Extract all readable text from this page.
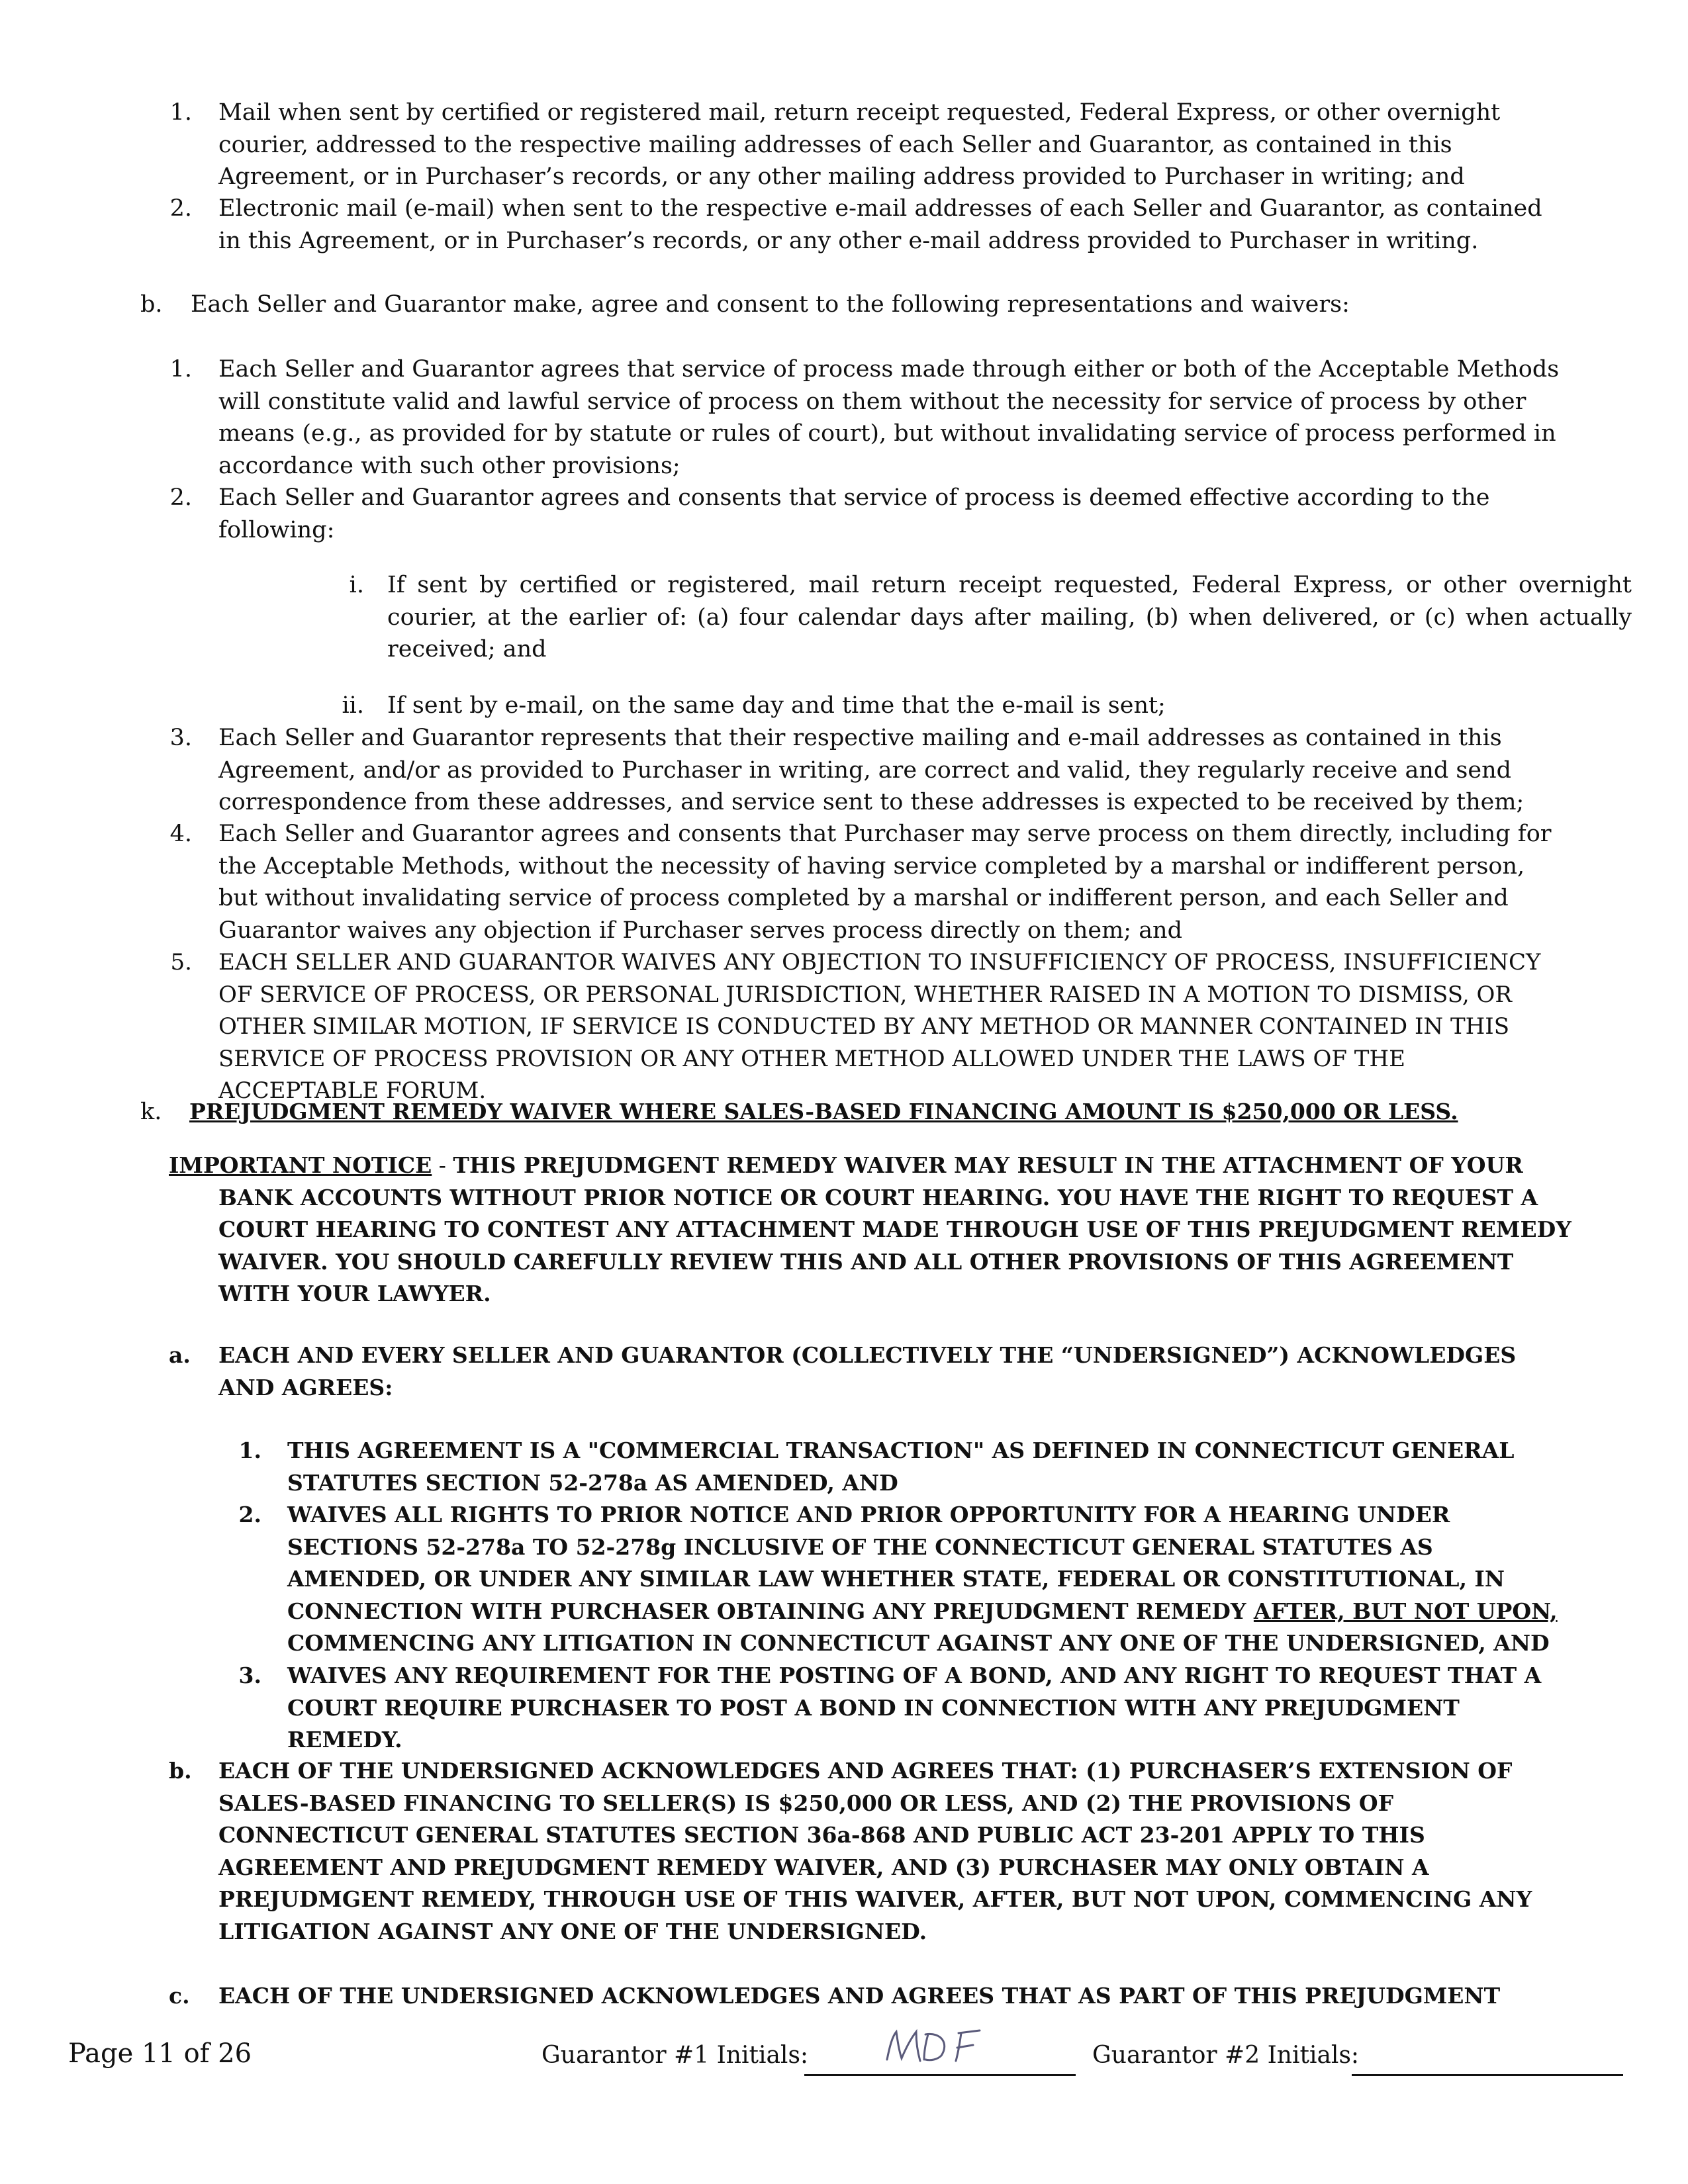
1. Mail when sent by certified or registered mail, return receipt requested, Federal Express, or other overnight courier, addressed to the respective mailing addresses of each Seller and Guarantor, as contained in this Agreement, or in Purchaser’s records, or any other mailing address provided to Purchaser in writing; and
2. Electronic mail (e-mail) when sent to the respective e-mail addresses of each Seller and Guarantor, as contained in this Agreement, or in Purchaser’s records, or any other e-mail address provided to Purchaser in writing.
b.	Each Seller and Guarantor make, agree and consent to the following representations and waivers:
1. Each Seller and Guarantor agrees that service of process made through either or both of the Acceptable Methods will constitute valid and lawful service of process on them without the necessity for service of process by other means (e.g., as provided for by statute or rules of court), but without invalidating service of process performed in accordance with such other provisions;
2. Each Seller and Guarantor agrees and consents that service of process is deemed effective according to the following:
i. If sent by certified or registered, mail return receipt requested, Federal Express, or other overnight courier, at the earlier of: (a) four calendar days after mailing, (b) when delivered, or (c) when actually received; and
ii. If sent by e-mail, on the same day and time that the e-mail is sent;
3. Each Seller and Guarantor represents that their respective mailing and e-mail addresses as contained in this Agreement, and/or as provided to Purchaser in writing, are correct and valid, they regularly receive and send correspondence from these addresses, and service sent to these addresses is expected to be received by them;
4. Each Seller and Guarantor agrees and consents that Purchaser may serve process on them directly, including for the Acceptable Methods, without the necessity of having service completed by a marshal or indifferent person, but without invalidating service of process completed by a marshal or indifferent person, and each Seller and Guarantor waives any objection if Purchaser serves process directly on them; and
5. EACH SELLER AND GUARANTOR WAIVES ANY OBJECTION TO INSUFFICIENCY OF PROCESS, INSUFFICIENCY OF SERVICE OF PROCESS, OR PERSONAL JURISDICTION, WHETHER RAISED IN A MOTION TO DISMISS, OR OTHER SIMILAR MOTION, IF SERVICE IS CONDUCTED BY ANY METHOD OR MANNER CONTAINED IN THIS SERVICE OF PROCESS PROVISION OR ANY OTHER METHOD ALLOWED UNDER THE LAWS OF THE ACCEPTABLE FORUM.
k.	PREJUDGMENT REMEDY WAIVER WHERE SALES-BASED FINANCING AMOUNT IS $250,000 OR LESS.
IMPORTANT NOTICE - THIS PREJUDMGENT REMEDY WAIVER MAY RESULT IN THE ATTACHMENT OF YOUR BANK ACCOUNTS WITHOUT PRIOR NOTICE OR COURT HEARING. YOU HAVE THE RIGHT TO REQUEST A COURT HEARING TO CONTEST ANY ATTACHMENT MADE THROUGH USE OF THIS PREJUDGMENT REMEDY WAIVER. YOU SHOULD CAREFULLY REVIEW THIS AND ALL OTHER PROVISIONS OF THIS AGREEMENT WITH YOUR LAWYER.
a.	EACH AND EVERY SELLER AND GUARANTOR (COLLECTIVELY THE “UNDERSIGNED”) ACKNOWLEDGES AND AGREES:
1. THIS AGREEMENT IS A "COMMERCIAL TRANSACTION" AS DEFINED IN CONNECTICUT GENERAL STATUTES SECTION 52-278a AS AMENDED, AND
2. WAIVES ALL RIGHTS TO PRIOR NOTICE AND PRIOR OPPORTUNITY FOR A HEARING UNDER SECTIONS 52-278a TO 52-278g INCLUSIVE OF THE CONNECTICUT GENERAL STATUTES AS AMENDED, OR UNDER ANY SIMILAR LAW WHETHER STATE, FEDERAL OR CONSTITUTIONAL, IN CONNECTION WITH PURCHASER OBTAINING ANY PREJUDGMENT REMEDY AFTER, BUT NOT UPON, COMMENCING ANY LITIGATION IN CONNECTICUT AGAINST ANY ONE OF THE UNDERSIGNED, AND
3. WAIVES ANY REQUIREMENT FOR THE POSTING OF A BOND, AND ANY RIGHT TO REQUEST THAT A COURT REQUIRE PURCHASER TO POST A BOND IN CONNECTION WITH ANY PREJUDGMENT REMEDY.
b.	EACH OF THE UNDERSIGNED ACKNOWLEDGES AND AGREES THAT: (1) PURCHASER’S EXTENSION OF SALES-BASED FINANCING TO SELLER(S) IS $250,000 OR LESS, AND (2) THE PROVISIONS OF CONNECTICUT GENERAL STATUTES SECTION 36a-868 AND PUBLIC ACT 23-201 APPLY TO THIS AGREEMENT AND PREJUDGMENT REMEDY WAIVER, AND (3) PURCHASER MAY ONLY OBTAIN A PREJUDMGENT REMEDY, THROUGH USE OF THIS WAIVER, AFTER, BUT NOT UPON, COMMENCING ANY LITIGATION AGAINST ANY ONE OF THE UNDERSIGNED.
c.	EACH OF THE UNDERSIGNED ACKNOWLEDGES AND AGREES THAT AS PART OF THIS PREJUDGMENT
Page 11 of 26	Guarantor #1 Initials:	Guarantor #2 Initials:
